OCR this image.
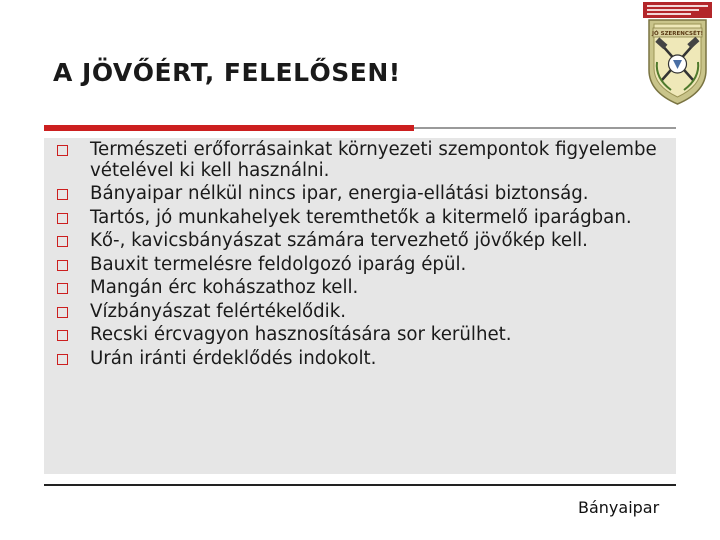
A JÖVŐÉRT, FELELŐSEN!
JÓ SZERENCSÉT!
Természeti erőforrásainkat környezeti szempontok figyelembe vételével ki kell használni.
Bányaipar nélkül nincs ipar, energia-ellátási biztonság.
Tartós, jó munkahelyek teremthetők a kitermelő iparágban.
Kő-, kavicsbányászat számára tervezhető jövőkép kell.
Bauxit termelésre feldolgozó iparág épül.
Mangán érc kohászathoz kell.
Vízbányászat felértékelődik.
Recski ércvagyon hasznosítására sor kerülhet.
Urán iránti érdeklődés indokolt.
Bányaipar
